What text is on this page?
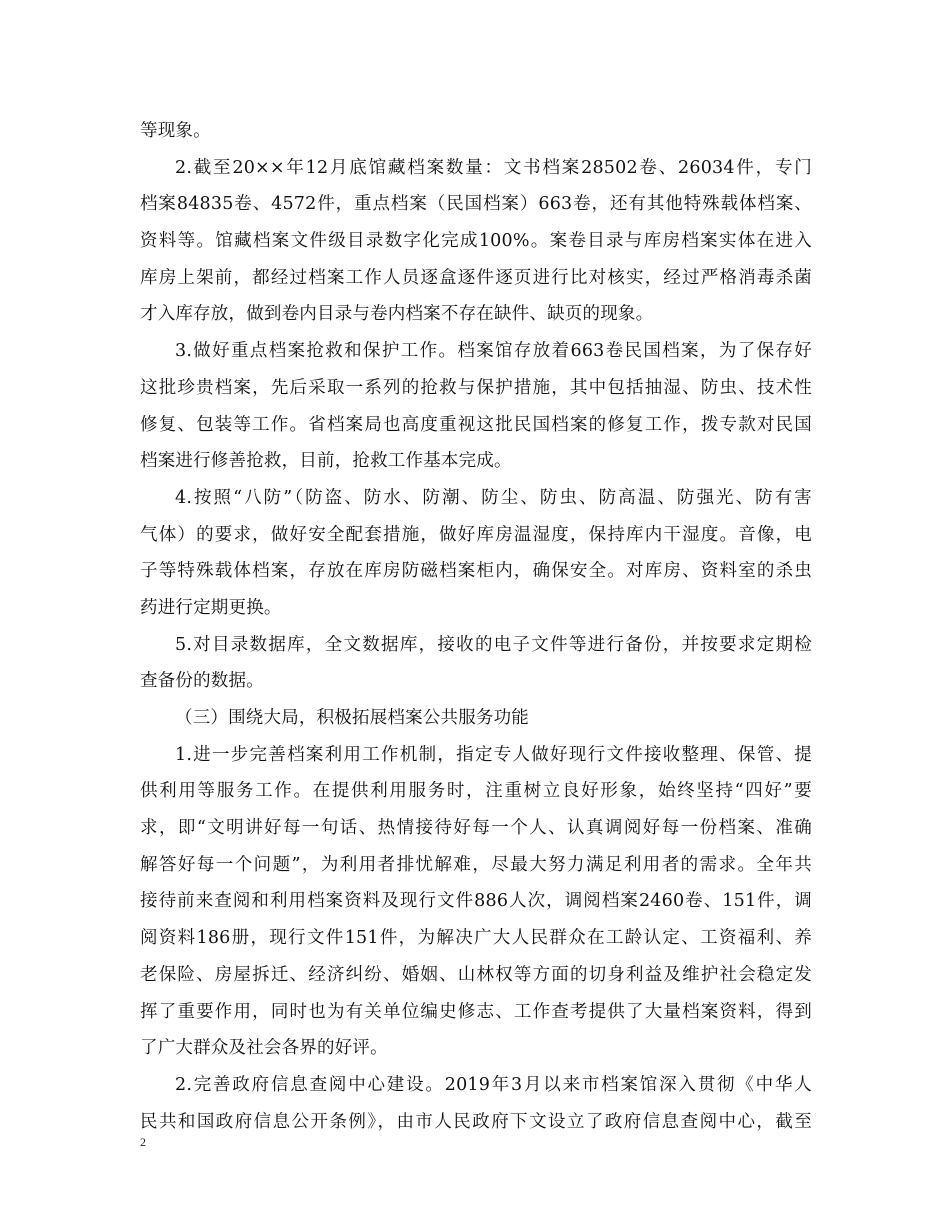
等现象。
2.截至20××年12月底馆藏档案数量：文书档案28502卷、26034件，专门
档案84835卷、4572件，重点档案（民国档案）663卷，还有其他特殊载体档案、
资料等。馆藏档案文件级目录数字化完成100%。案卷目录与库房档案实体在进入
库房上架前，都经过档案工作人员逐盒逐件逐页进行比对核实，经过严格消毒杀菌
才入库存放，做到卷内目录与卷内档案不存在缺件、缺页的现象。
3.做好重点档案抢救和保护工作。档案馆存放着663卷民国档案，为了保存好
这批珍贵档案，先后采取一系列的抢救与保护措施，其中包括抽湿、防虫、技术性
修复、包装等工作。省档案局也高度重视这批民国档案的修复工作，拨专款对民国
档案进行修善抢救，目前，抢救工作基本完成。
4.按照“八防”（防盗、防水、防潮、防尘、防虫、防高温、防强光、防有害
气体）的要求，做好安全配套措施，做好库房温湿度，保持库内干湿度。音像，电
子等特殊载体档案，存放在库房防磁档案柜内，确保安全。对库房、资料室的杀虫
药进行定期更换。
5.对目录数据库，全文数据库，接收的电子文件等进行备份，并按要求定期检
查备份的数据。
（三）围绕大局，积极拓展档案公共服务功能
1.进一步完善档案利用工作机制，指定专人做好现行文件接收整理、保管、提
供利用等服务工作。在提供利用服务时，注重树立良好形象，始终坚持“四好”要
求，即“文明讲好每一句话、热情接待好每一个人、认真调阅好每一份档案、准确
解答好每一个问题”，为利用者排忧解难，尽最大努力满足利用者的需求。全年共
接待前来查阅和利用档案资料及现行文件886人次，调阅档案2460卷、151件，调
阅资料186册，现行文件151件，为解决广大人民群众在工龄认定、工资福利、养
老保险、房屋拆迁、经济纠纷、婚姻、山林权等方面的切身利益及维护社会稳定发
挥了重要作用，同时也为有关单位编史修志、工作查考提供了大量档案资料，得到
了广大群众及社会各界的好评。
2.完善政府信息查阅中心建设。2019年3月以来市档案馆深入贯彻《中华人
民共和国政府信息公开条例》，由市人民政府下文设立了政府信息查阅中心，截至
2
